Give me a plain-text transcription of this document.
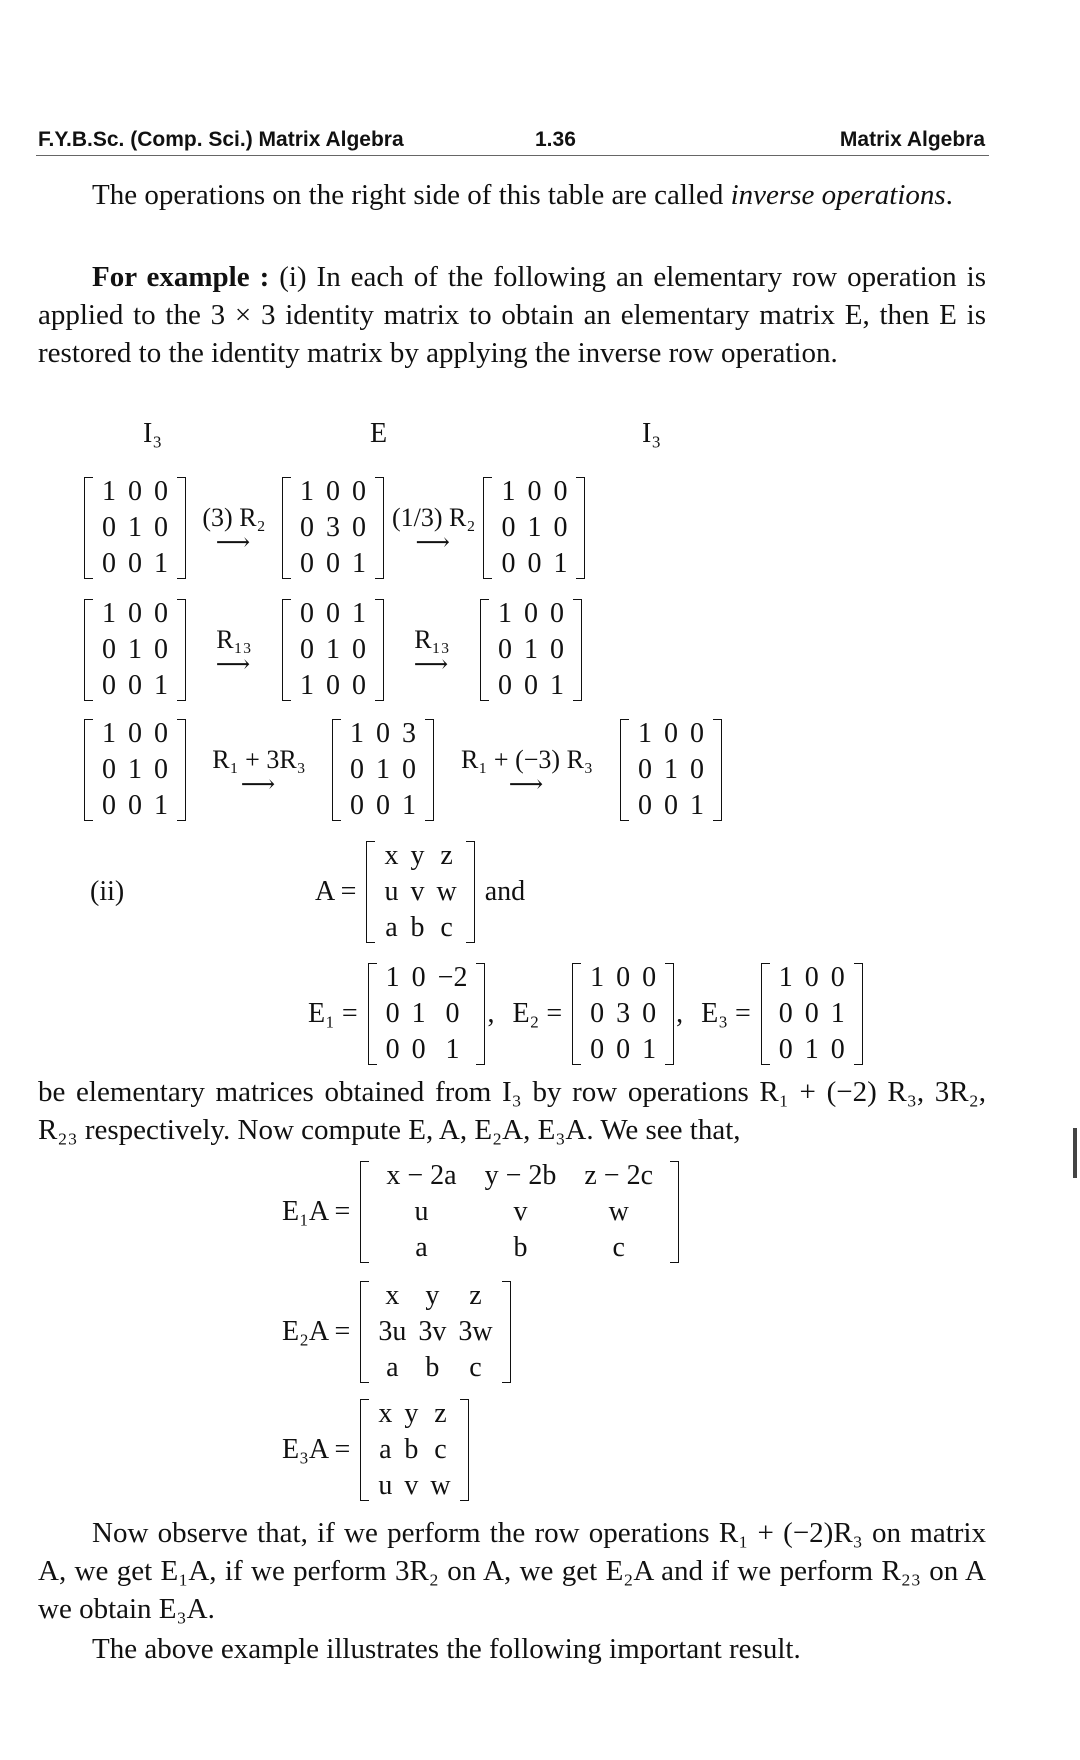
F.Y.B.Sc. (Comp. Sci.) Matrix Algebra	1.36	Matrix Algebra

The operations on the right side of this table are called inverse operations.

For example : (i) In each of the following an elementary row operation is applied to the 3 × 3 identity matrix to obtain an elementary matrix E, then E is restored to the identity matrix by applying the inverse row operation.

I₃	E	I₃
1	0	0
0	1	0
0	0	1
(3) R₂
⟶
1	0	0
0	3	0
0	0	1
(1/3) R₂
⟶
1	0	0
0	1	0
0	0	1
1	0	0
0	1	0
0	0	1
R₁₃
⟶
0	0	1
0	1	0
1	0	0
R₁₃
⟶
1	0	0
0	1	0
0	0	1
1	0	0
0	1	0
0	0	1
R₁ + 3R₃
⟶
1	0	3
0	1	0
0	0	1
R₁ + (−3) R₃
⟶
1	0	0
0	1	0
0	0	1
(ii)	A =
x	y	z
u	v	w
a	b	c
and
E₁ =
1	0	−2
0	1	0
0	0	1
, E₂ =
1	0	0
0	3	0
0	0	1
, E₃ =
1	0	0
0	0	1
0	1	0

be elementary matrices obtained from I₃ by row operations R₁ + (−2) R₃, 3R₂, R₂₃ respectively. Now compute E, A, E₂A, E₃A. We see that,

E₁A =
x − 2a	y − 2b	z − 2c
u	v	w
a	b	c
E₂A =
x	y	z
3u	3v	3w
a	b	c
E₃A =
x	y	z
a	b	c
u	v	w

Now observe that, if we perform the row operations R₁ + (−2)R₃ on matrix A, we get E₁A, if we perform 3R₂ on A, we get E₂A and if we perform R₂₃ on A we obtain E₃A.

The above example illustrates the following important result.
